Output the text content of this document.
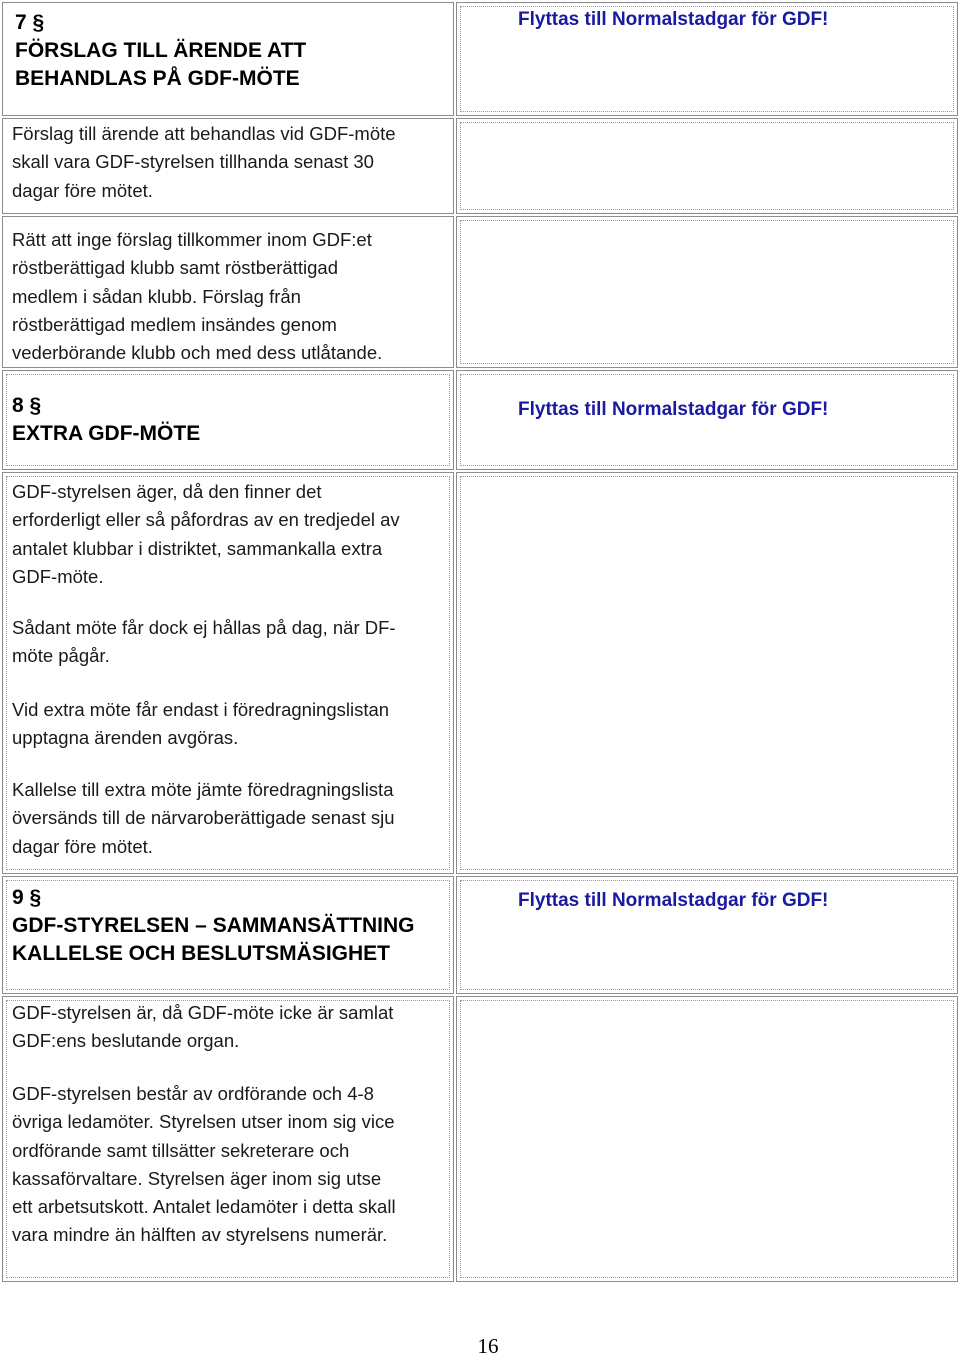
7 §
FÖRSLAG TILL ÄRENDE ATT
BEHANDLAS PÅ GDF-MÖTE
Flyttas till Normalstadgar för GDF!
Förslag till ärende att behandlas vid GDF-möte
skall vara GDF-styrelsen tillhanda senast 30
dagar före mötet.
Rätt att inge förslag tillkommer inom GDF:et
röstberättigad klubb samt röstberättigad
medlem i sådan klubb. Förslag från
röstberättigad medlem insändes genom
vederbörande klubb och med dess utlåtande.
8 §
EXTRA GDF-MÖTE
Flyttas till Normalstadgar för GDF!
GDF-styrelsen äger, då den finner det
erforderligt eller så påfordras av en tredjedel av
antalet klubbar i distriktet, sammankalla extra
GDF-möte.
Sådant möte får dock ej hållas på dag, när DF-
möte pågår.
Vid extra möte får endast i föredragningslistan
upptagna ärenden avgöras.
Kallelse till extra möte jämte föredragningslista
översänds till de närvaroberättigade senast sju
dagar före mötet.
9 §
GDF-STYRELSEN – SAMMANSÄTTNING
KALLELSE OCH BESLUTSMÄSIGHET
Flyttas till Normalstadgar för GDF!
GDF-styrelsen är, då GDF-möte icke är samlat
GDF:ens beslutande organ.
GDF-styrelsen består av ordförande och 4-8
övriga ledamöter. Styrelsen utser inom sig vice
ordförande samt tillsätter sekreterare och
kassaförvaltare. Styrelsen äger inom sig utse
ett arbetsutskott. Antalet ledamöter i detta skall
vara mindre än hälften av styrelsens numerär.
16
